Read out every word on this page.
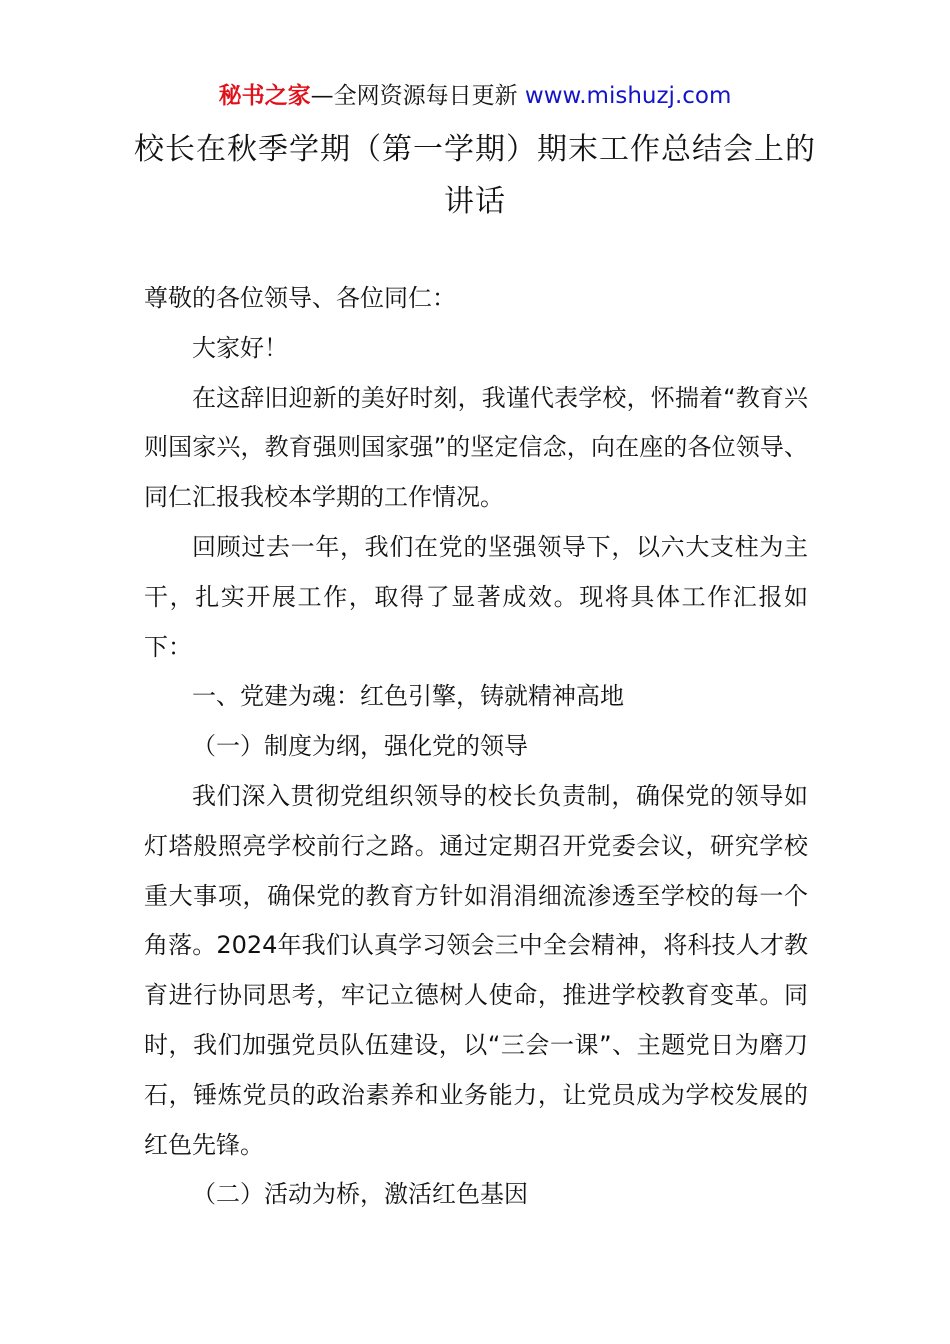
秘书之家—全网资源每日更新 www.mishuzj.com
校长在秋季学期（第一学期）期末工作总结会上的讲话

尊敬的各位领导、各位同仁：

大家好！

在这辞旧迎新的美好时刻，我谨代表学校，怀揣着“教育兴则国家兴，教育强则国家强”的坚定信念，向在座的各位领导、同仁汇报我校本学期的工作情况。

回顾过去一年，我们在党的坚强领导下，以六大支柱为主干，扎实开展工作，取得了显著成效。现将具体工作汇报如下：

一、党建为魂：红色引擎，铸就精神高地

（一）制度为纲，强化党的领导

我们深入贯彻党组织领导的校长负责制，确保党的领导如灯塔般照亮学校前行之路。通过定期召开党委会议，研究学校重大事项，确保党的教育方针如涓涓细流渗透至学校的每一个角落。2024年我们认真学习领会三中全会精神，将科技人才教育进行协同思考，牢记立德树人使命，推进学校教育变革。同时，我们加强党员队伍建设，以“三会一课”、主题党日为磨刀石，锤炼党员的政治素养和业务能力，让党员成为学校发展的红色先锋。

（二）活动为桥，激活红色基因
